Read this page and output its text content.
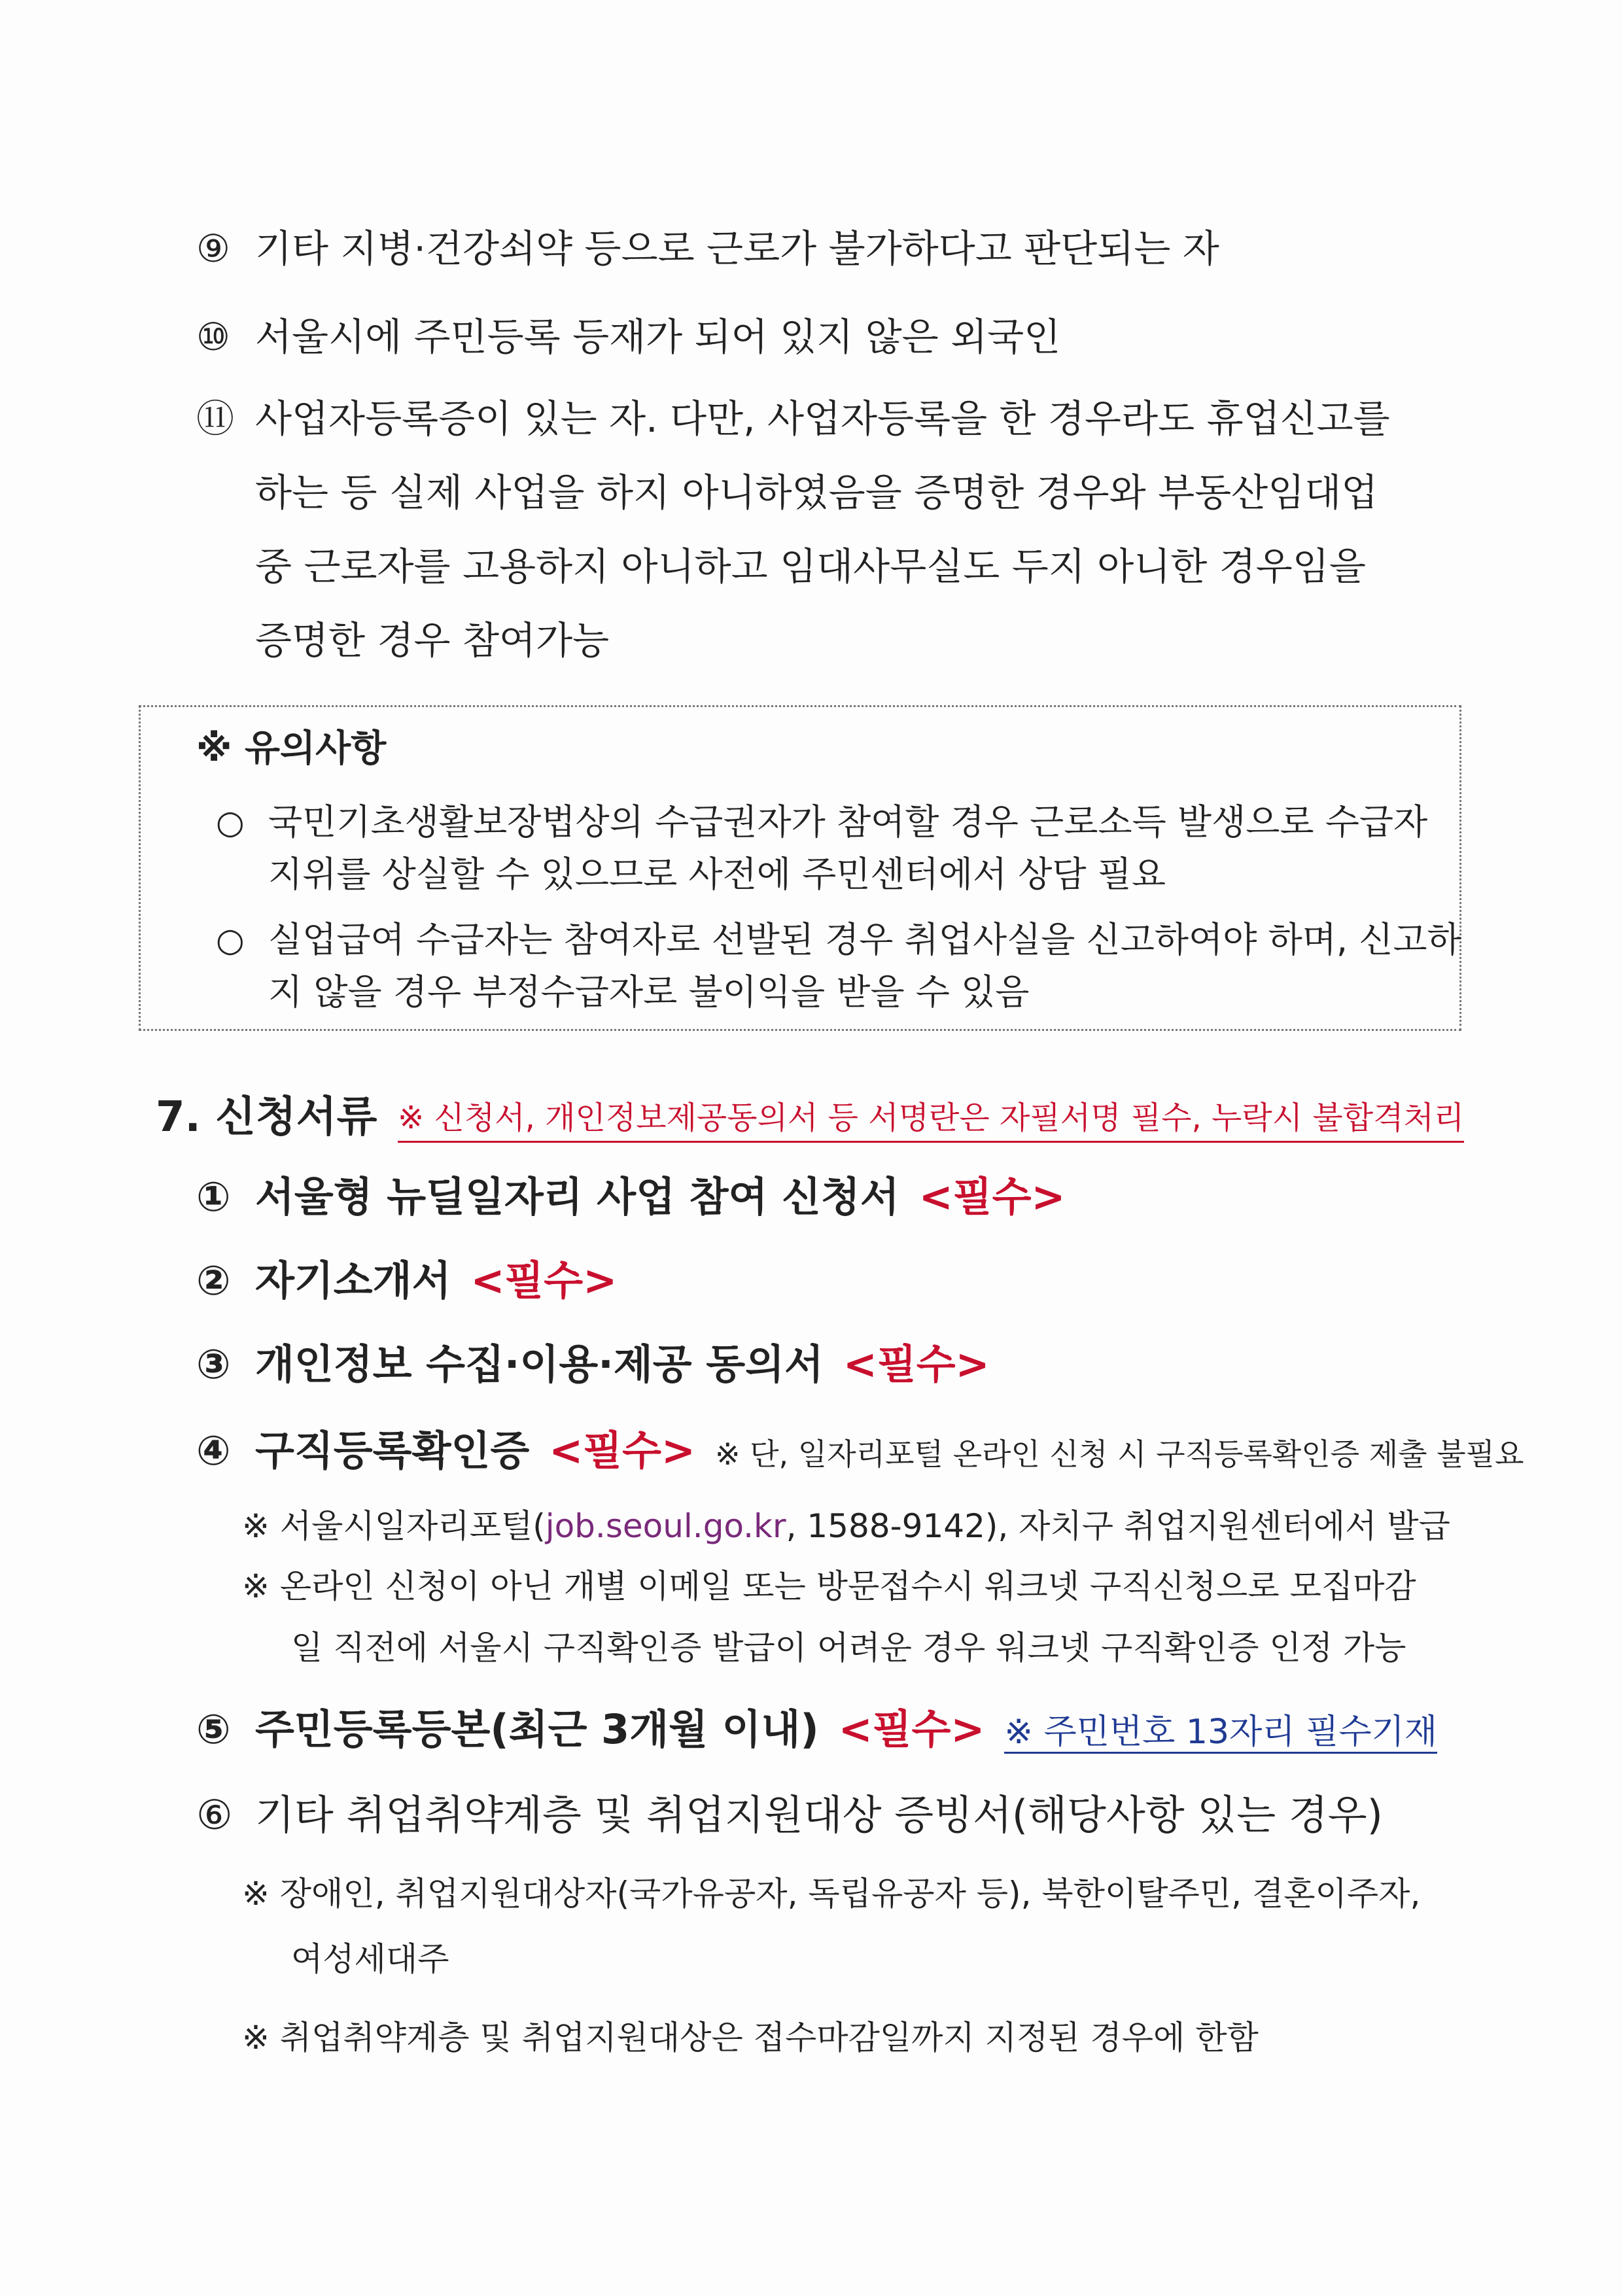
⑨ 기타 지병·건강쇠약 등으로 근로가 불가하다고 판단되는 자
⑩ 서울시에 주민등록 등재가 되어 있지 않은 외국인
⑪ 사업자등록증이 있는 자. 다만, 사업자등록을 한 경우라도 휴업신고를
하는 등 실제 사업을 하지 아니하였음을 증명한 경우와 부동산임대업
중 근로자를 고용하지 아니하고 임대사무실도 두지 아니한 경우임을
증명한 경우 참여가능
※ 유의사항
○ 국민기초생활보장법상의 수급권자가 참여할 경우 근로소득 발생으로 수급자
지위를 상실할 수 있으므로 사전에 주민센터에서 상담 필요
○ 실업급여 수급자는 참여자로 선발된 경우 취업사실을 신고하여야 하며, 신고하
지 않을 경우 부정수급자로 불이익을 받을 수 있음
7. 신청서류 ※ 신청서, 개인정보제공동의서 등 서명란은 자필서명 필수, 누락시 불합격처리
① 서울형 뉴딜일자리 사업 참여 신청서 <필수>
② 자기소개서 <필수>
③ 개인정보 수집·이용·제공 동의서 <필수>
④ 구직등록확인증 <필수> ※ 단, 일자리포털 온라인 신청 시 구직등록확인증 제출 불필요
※ 서울시일자리포털(job.seoul.go.kr, 1588-9142), 자치구 취업지원센터에서 발급
※ 온라인 신청이 아닌 개별 이메일 또는 방문접수시 워크넷 구직신청으로 모집마감
일 직전에 서울시 구직확인증 발급이 어려운 경우 워크넷 구직확인증 인정 가능
⑤ 주민등록등본(최근 3개월 이내) <필수> ※ 주민번호 13자리 필수기재
⑥ 기타 취업취약계층 및 취업지원대상 증빙서(해당사항 있는 경우)
※ 장애인, 취업지원대상자(국가유공자, 독립유공자 등), 북한이탈주민, 결혼이주자,
여성세대주
※ 취업취약계층 및 취업지원대상은 접수마감일까지 지정된 경우에 한함
